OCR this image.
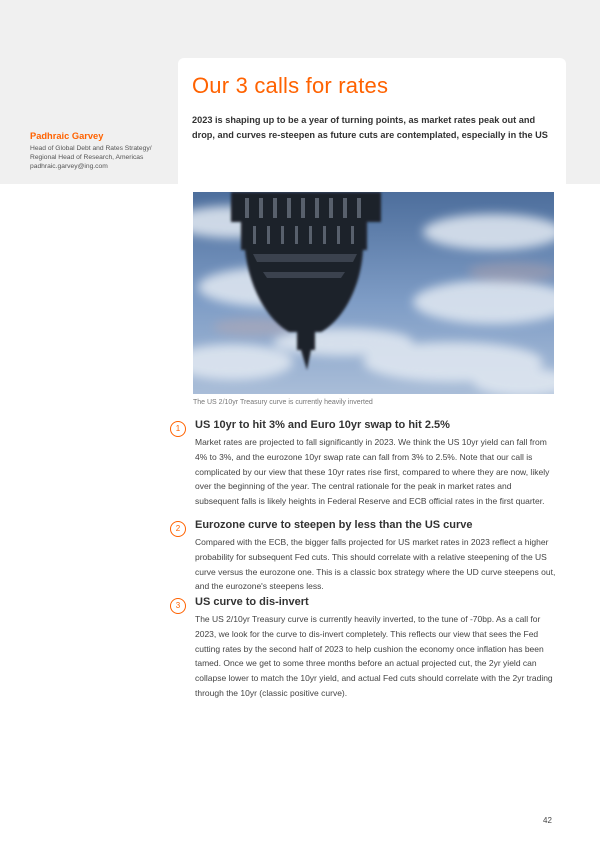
Our 3 calls for rates

2023 is shaping up to be a year of turning points, as market rates peak out and drop, and curves re-steepen as future cuts are contemplated, especially in the US

Padhraic Garvey

Head of Global Debt and Rates Strategy/

Regional Head of Research, Americas

padhraic.garvey@ing.com

The US 2/10yr Treasury curve is currently heavily inverted

1	US 10yr to hit 3% and Euro 10yr swap to hit 2.5%

Market rates are projected to fall significantly in 2023. We think the US 10yr yield can fall from 4% to 3%, and the eurozone 10yr swap rate can fall from 3% to 2.5%. Note that our call is complicated by our view that these 10yr rates rise first, compared to where they are now, likely over the beginning of the year. The central rationale for the peak in market rates and subsequent falls is likely heights in Federal Reserve and ECB official rates in the first quarter.

2	Eurozone curve to steepen by less than the US curve

Compared with the ECB, the bigger falls projected for US market rates in 2023 reflect a higher probability for subsequent Fed cuts. This should correlate with a relative steepening of the US curve versus the eurozone one. This is a classic box strategy where the UD curve steepens out, and the eurozone's steepens less.

3	US curve to dis-invert

The US 2/10yr Treasury curve is currently heavily inverted, to the tune of -70bp. As a call for 2023, we look for the curve to dis-invert completely. This reflects our view that sees the Fed cutting rates by the second half of 2023 to help cushion the economy once inflation has been tamed. Once we get to some three months before an actual projected cut, the 2yr yield can collapse lower to match the 10yr yield, and actual Fed cuts should correlate with the 2yr trading through the 10yr (classic positive curve).

42
